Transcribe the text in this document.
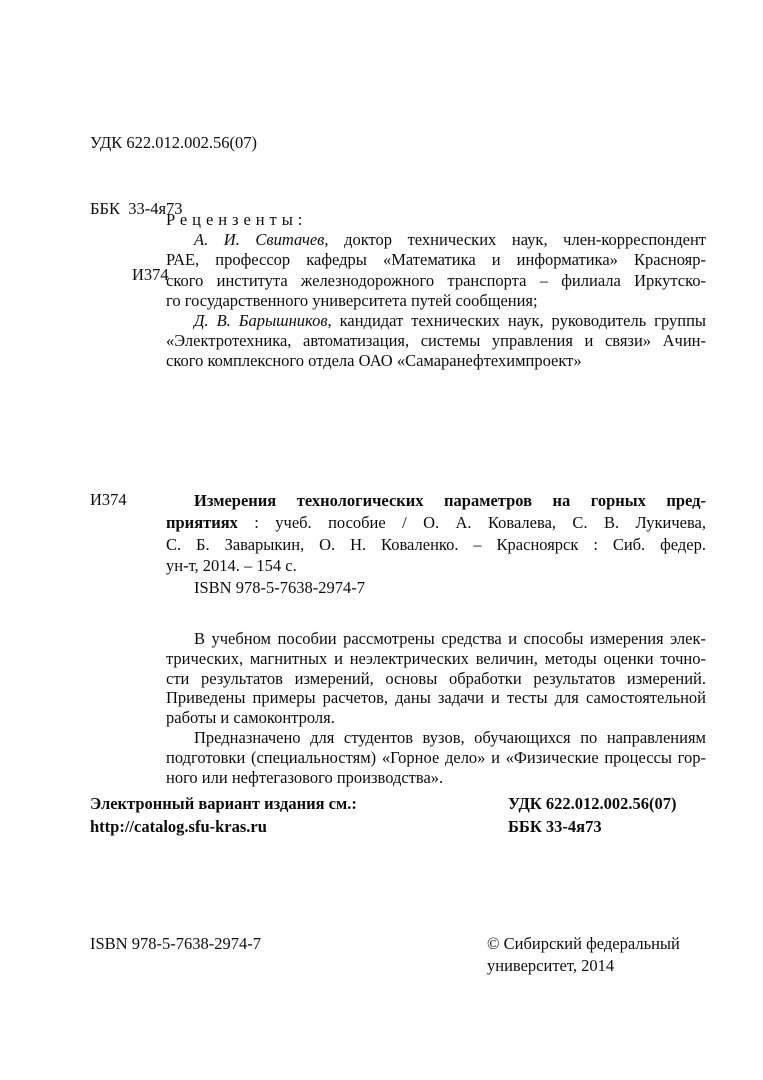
УДК 622.012.002.56(07)

ББК  33-4я73

И374

Рецензенты:
А. И. Свитачев, доктор технических наук, член-корреспондент
РАЕ, профессор кафедры «Математика и информатика» Краснояр-
ского института железнодорожного транспорта – филиала Иркутско-
го государственного университета путей сообщения;
Д. В. Барышников, кандидат технических наук, руководитель группы
«Электротехника, автоматизация, системы управления и связи» Ачин-
ского комплексного отдела ОАО «Самаранефтехимпроект»
И374	Измерения технологических параметров на горных пред-
приятиях : учеб. пособие / О. А. Ковалева, С. В. Лукичева,
С. Б. Заварыкин, О. Н. Коваленко. – Красноярск : Сиб. федер.
ун-т, 2014. – 154 с.
ISBN 978-5-7638-2974-7
В учебном пособии рассмотрены средства и способы измерения элек-
трических, магнитных и неэлектрических величин, методы оценки точно-
сти результатов измерений, основы обработки результатов измерений.
Приведены примеры расчетов, даны задачи и тесты для самостоятельной
работы и самоконтроля.
Предназначено для студентов вузов, обучающихся по направлениям
подготовки (специальностям) «Горное дело» и «Физические процессы гор-
ного или нефтегазового производства».
Электронный вариант издания см.:
http://catalog.sfu-kras.ru
УДК 622.012.002.56(07)
ББК 33-4я73
ISBN 978-5-7638-2974-7	© Сибирский федеральный
университет, 2014
